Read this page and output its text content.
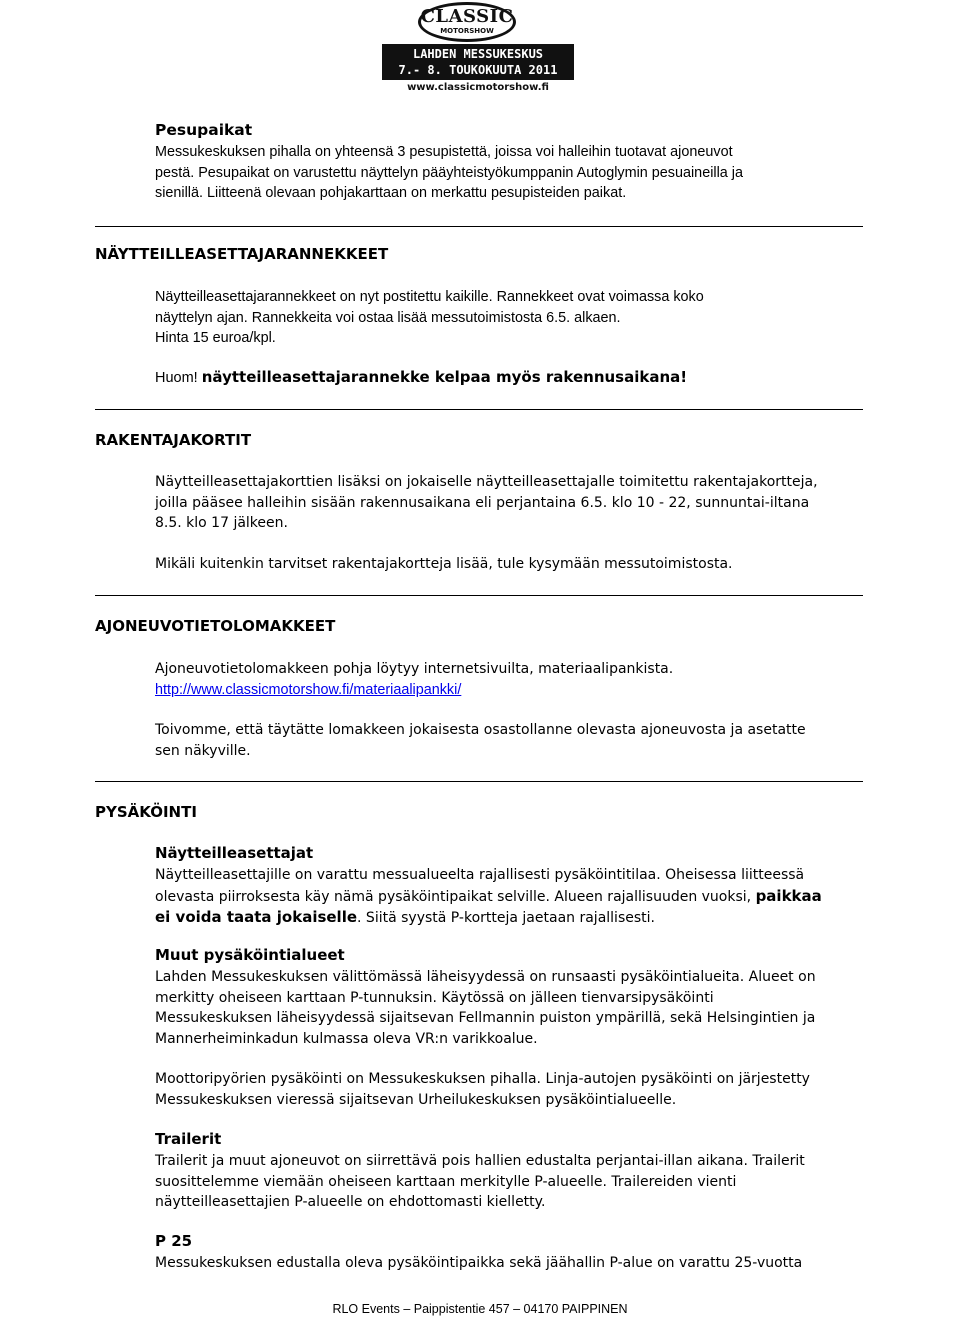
CLASSIC
MOTORSHOW
LAHDEN MESSUKESKUS
7.- 8. TOUKOKUUTA 2011
www.classicmotorshow.fi
Pesupaikat
Messukeskuksen pihalla on yhteensä 3 pesupistettä, joissa voi halleihin tuotavat ajoneuvot
pestä. Pesupaikat on varustettu näyttelyn pääyhteistyökumppanin Autoglymin pesuaineilla ja
sienillä. Liitteenä olevaan pohjakarttaan on merkattu pesupisteiden paikat.
NÄYTTEILLEASETTAJARANNEKKEET
Näytteilleasettajarannekkeet on nyt postitettu kaikille. Rannekkeet ovat voimassa koko
näyttelyn ajan. Rannekkeita voi ostaa lisää messutoimistosta 6.5. alkaen.
Hinta 15 euroa/kpl.
Huom! näytteilleasettajarannekke kelpaa myös rakennusaikana!
RAKENTAJAKORTIT
Näytteilleasettajakorttien lisäksi on jokaiselle näytteilleasettajalle toimitettu rakentajakortteja,
joilla pääsee halleihin sisään rakennusaikana eli perjantaina 6.5. klo 10 - 22, sunnuntai-iltana
8.5. klo 17 jälkeen.
Mikäli kuitenkin tarvitset rakentajakortteja lisää, tule kysymään messutoimistosta.
AJONEUVOTIETOLOMAKKEET
Ajoneuvotietolomakkeen pohja löytyy internetsivuilta, materiaalipankista.
http://www.classicmotorshow.fi/materiaalipankki/
Toivomme, että täytätte lomakkeen jokaisesta osastollanne olevasta ajoneuvosta ja asetatte
sen näkyville.
PYSÄKÖINTI
Näytteilleasettajat
Näytteilleasettajille on varattu messualueelta rajallisesti pysäköintitilaa. Oheisessa liitteessä
olevasta piirroksesta käy nämä pysäköintipaikat selville. Alueen rajallisuuden vuoksi, paikkaa
ei voida taata jokaiselle. Siitä syystä P-kortteja jaetaan rajallisesti.
Muut pysäköintialueet
Lahden Messukeskuksen välittömässä läheisyydessä on runsaasti pysäköintialueita. Alueet on
merkitty oheiseen karttaan P-tunnuksin. Käytössä on jälleen tienvarsipysäköinti
Messukeskuksen läheisyydessä sijaitsevan Fellmannin puiston ympärillä, sekä Helsingintien ja
Mannerheiminkadun kulmassa oleva VR:n varikkoalue.
Moottoripyörien pysäköinti on Messukeskuksen pihalla. Linja-autojen pysäköinti on järjestetty
Messukeskuksen vieressä sijaitsevan Urheilukeskuksen pysäköintialueelle.
Trailerit
Trailerit ja muut ajoneuvot on siirrettävä pois hallien edustalta perjantai-illan aikana. Trailerit
suosittelemme viemään oheiseen karttaan merkitylle P-alueelle. Trailereiden vienti
näytteilleasettajien P-alueelle on ehdottomasti kielletty.
P 25
Messukeskuksen edustalla oleva pysäköintipaikka sekä jäähallin P-alue on varattu 25-vuotta
RLO Events – Paippistentie 457 – 04170 PAIPPINEN
